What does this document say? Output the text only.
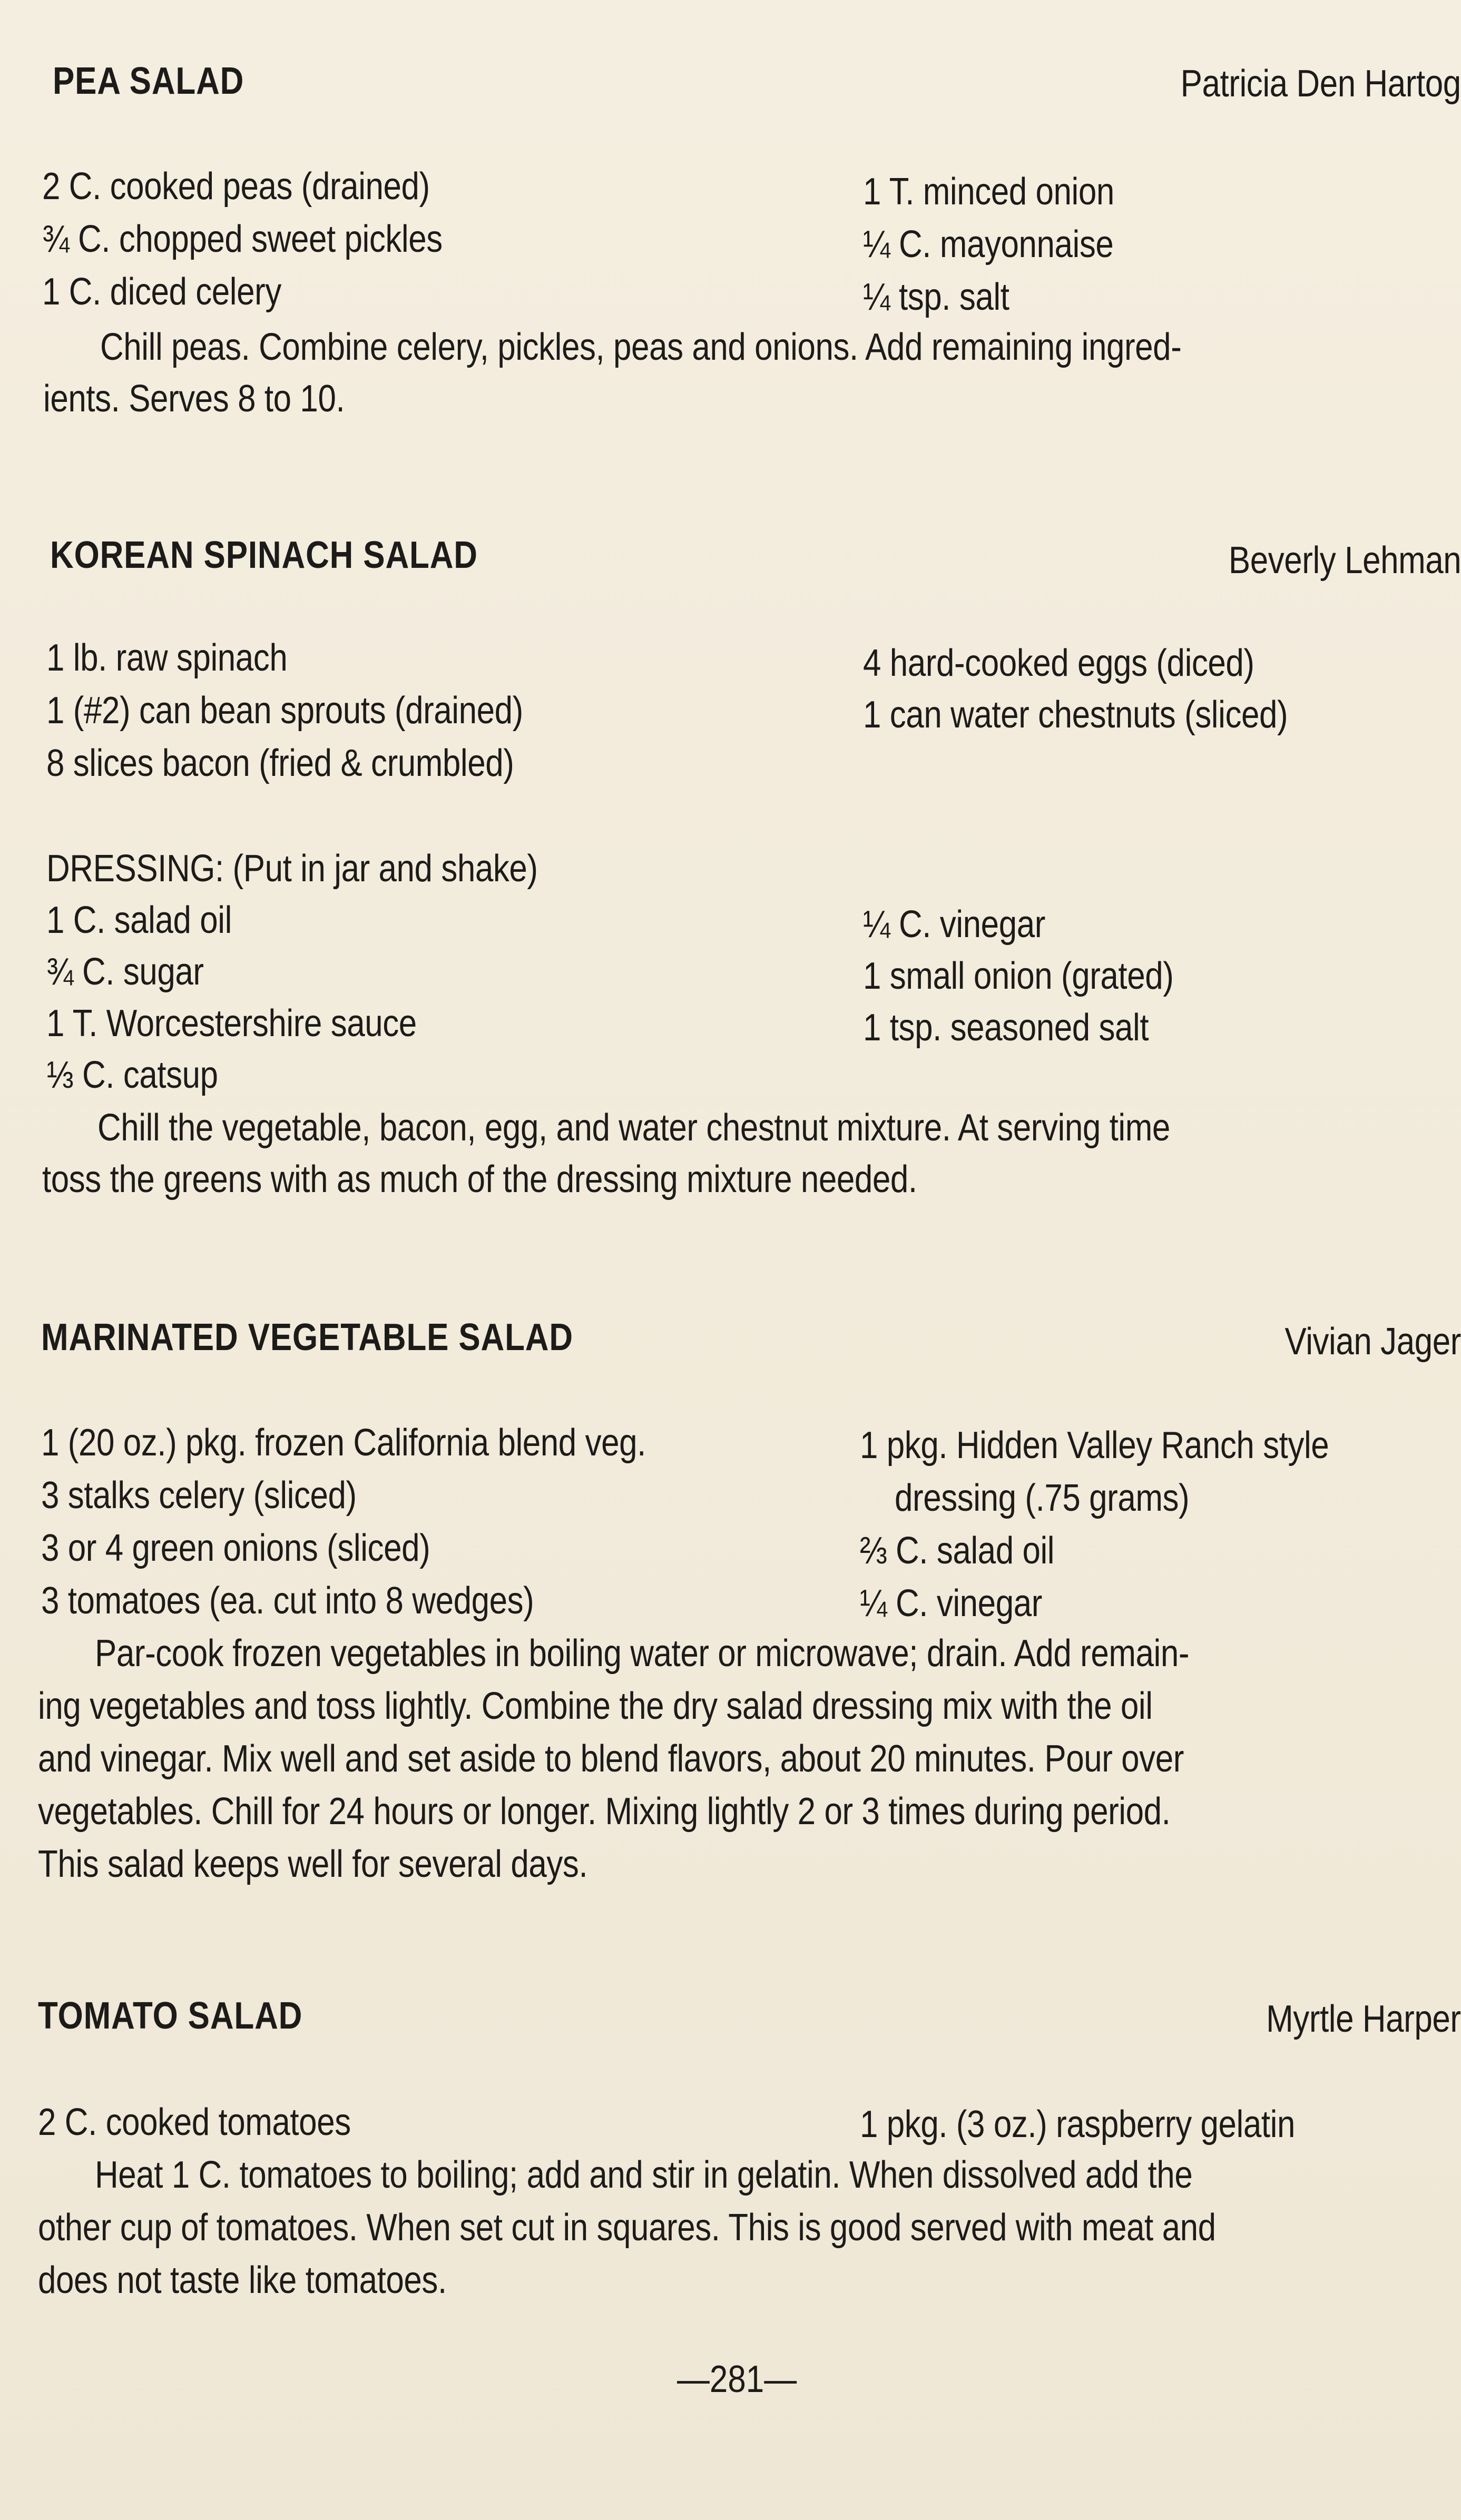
PEA SALAD	Patricia Den Hartog
2 C. cooked peas (drained)
¾ C. chopped sweet pickles
1 C. diced celery
1 T. minced onion
¼ C. mayonnaise
¼ tsp. salt
Chill peas. Combine celery, pickles, peas and onions. Add remaining ingred-
ients. Serves 8 to 10.
KOREAN SPINACH SALAD	Beverly Lehman
1 lb. raw spinach
1 (#2) can bean sprouts (drained)
8 slices bacon (fried & crumbled)
4 hard-cooked eggs (diced)
1 can water chestnuts (sliced)
DRESSING: (Put in jar and shake)
1 C. salad oil
¾ C. sugar
1 T. Worcestershire sauce
⅓ C. catsup
¼ C. vinegar
1 small onion (grated)
1 tsp. seasoned salt
Chill the vegetable, bacon, egg, and water chestnut mixture. At serving time
toss the greens with as much of the dressing mixture needed.
MARINATED VEGETABLE SALAD	Vivian Jager
1 (20 oz.) pkg. frozen California blend veg.
3 stalks celery (sliced)
3 or 4 green onions (sliced)
3 tomatoes (ea. cut into 8 wedges)
1 pkg. Hidden Valley Ranch style
dressing (.75 grams)
⅔ C. salad oil
¼ C. vinegar
Par-cook frozen vegetables in boiling water or microwave; drain. Add remain-
ing vegetables and toss lightly. Combine the dry salad dressing mix with the oil
and vinegar. Mix well and set aside to blend flavors, about 20 minutes. Pour over
vegetables. Chill for 24 hours or longer. Mixing lightly 2 or 3 times during period.
This salad keeps well for several days.
TOMATO SALAD	Myrtle Harper
2 C. cooked tomatoes	1 pkg. (3 oz.) raspberry gelatin
Heat 1 C. tomatoes to boiling; add and stir in gelatin. When dissolved add the
other cup of tomatoes. When set cut in squares. This is good served with meat and
does not taste like tomatoes.
—281—
